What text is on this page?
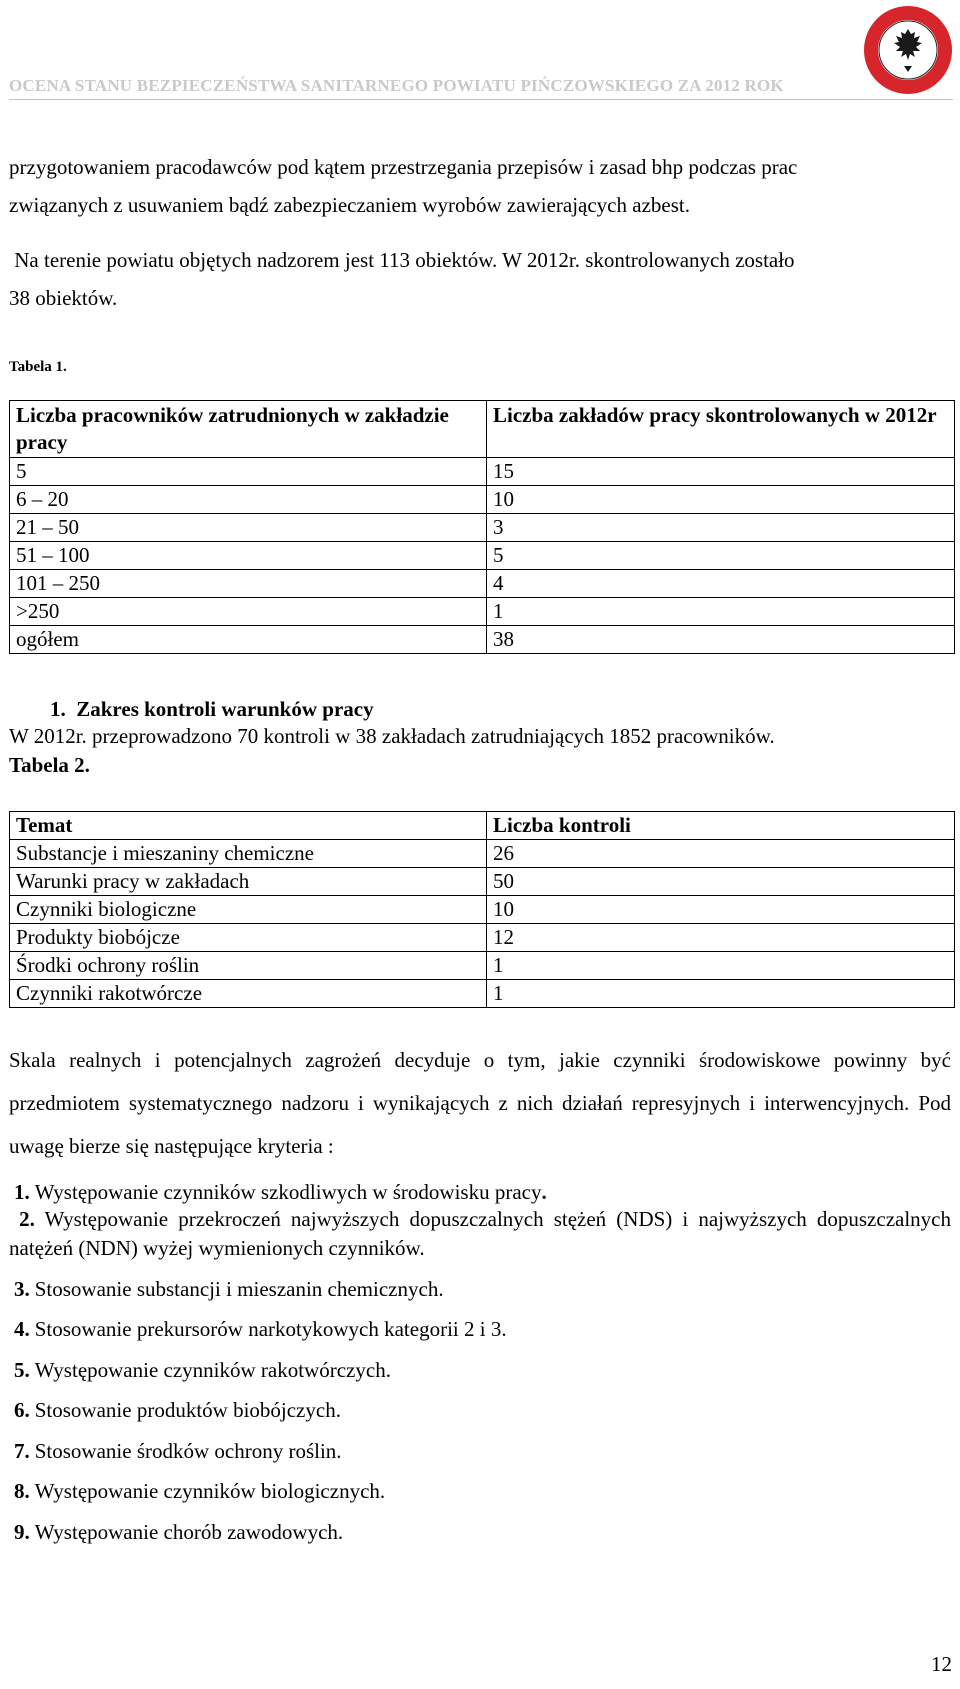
OCENA STANU BEZPIECZEŃSTWA SANITARNEGO POWIATU PIŃCZOWSKIEGO ZA 2012 ROK
przygotowaniem pracodawców pod kątem przestrzegania przepisów i zasad bhp podczas prac
związanych z usuwaniem bądź zabezpieczaniem wyrobów zawierających azbest.
Na terenie powiatu objętych nadzorem jest 113 obiektów. W 2012r. skontrolowanych zostało
38 obiektów.
Tabela 1.
Liczba pracowników zatrudnionych w zakładzie pracy	Liczba zakładów pracy skontrolowanych w 2012r
5	15
6 – 20	10
21 – 50	3
51 – 100	5
101 – 250	4
>250	1
ogółem	38
1. Zakres kontroli warunków pracy
W 2012r. przeprowadzono 70 kontroli w 38 zakładach zatrudniających 1852 pracowników.
Tabela 2.
Temat	Liczba kontroli
Substancje i mieszaniny chemiczne	26
Warunki pracy w zakładach	50
Czynniki biologiczne	10
Produkty biobójcze	12
Środki ochrony roślin	1
Czynniki rakotwórcze	1
Skala realnych i potencjalnych zagrożeń decyduje o tym, jakie czynniki środowiskowe powinny być przedmiotem systematycznego nadzoru i wynikających z nich działań represyjnych i interwencyjnych. Pod uwagę bierze się następujące kryteria :
1. Występowanie czynników szkodliwych w środowisku pracy.
2. Występowanie przekroczeń najwyższych dopuszczalnych stężeń (NDS) i najwyższych dopuszczalnych natężeń (NDN) wyżej wymienionych czynników.
3. Stosowanie substancji i mieszanin chemicznych.
4. Stosowanie prekursorów narkotykowych kategorii 2 i 3.
5. Występowanie czynników rakotwórczych.
6. Stosowanie produktów biobójczych.
7. Stosowanie środków ochrony roślin.
8. Występowanie czynników biologicznych.
9. Występowanie chorób zawodowych.
12
